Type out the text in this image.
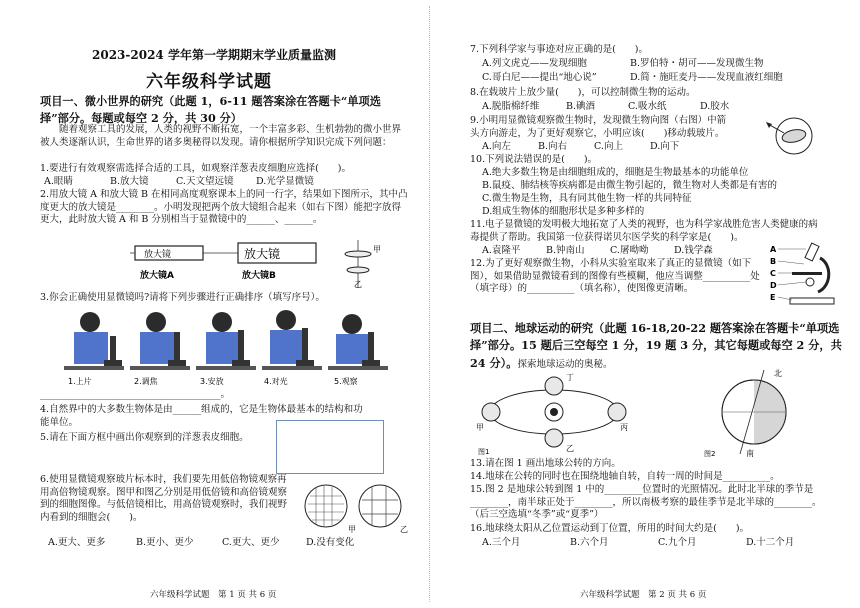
2023-2024 学年第一学期期末学业质量监测
六年级科学试题
项目一、微小世界的研究（此题 1，6-11 题答案涂在答题卡“单项选择”部分。每题或每空 2 分，共 30 分）
随着观察工具的发展，人类的视野不断拓宽，一个丰富多彩、生机勃勃的微小世界被人类逐渐认识，生命世界的诸多奥秘得以发现。请你根据所学知识完成下列问题：
1.要进行有效观察需选择合适的工具，如观察洋葱表皮细胞应选择(　　)。
A.眼睛	B.放大镜	C.天文望远镜 D.光学显微镜
2.用放大镜 A 和放大镜 B 在相同高度观察课本上的同一行字，结果如下图所示，其中凸度更大的放大镜是________。小明发现把两个放大镜组合起来（如右下图）能把字放得更大，此时放大镜 A 和 B 分别相当于显微镜中的______、______。
放大镜	放大镜
放大镜A	放大镜B
甲
乙
3.你会正确使用显微镜吗?请将下列步骤进行正确排序（填写序号）。
1.上片	2.调焦	3.安放	4.对光	5.观察
______________________________________。
4.自然界中的大多数生物体是由______组成的，它是生物体最基本的结构和功能单位。
5.请在下面方框中画出你观察到的洋葱表皮细胞。
6.使用显微镜观察玻片标本时，我们要先用低倍物镜观察再用高倍物镜观察。图甲和图乙分别是用低倍镜和高倍镜观察到的细胞图像。与低倍镜相比，用高倍镜观察时，我们视野内看到的细胞会(　　)。
甲	乙
A.更大、更多	B.更小、更少	C.更大、更少	D.没有变化
六年级科学试题　第 1 页 共 6 页
7.下列科学家与事迹对应正确的是(　　)。
A.列文虎克——发现细胞	B.罗伯特・胡可——发现微生物
C.哥白尼——提出“地心说”	D.简・施旺麦丹——发现血液红细胞
8.在载玻片上放少量(　　)，可以控制微生物的运动。
A.脱脂棉纤维	B.碘酒	C.吸水纸	D.胶水
9.小明用显微镜观察微生物时，发现微生物向图（右图）中箭
头方向游走，为了更好观察它，小明应该(　　)移动载玻片。
A.向左	B.向右	C.向上	D.向下
10.下列说法错误的是(　　)。
A.绝大多数生物是由细胞组成的，细胞是生物最基本的功能单位
B.鼠疫、肺结核等疾病都是由微生物引起的，微生物对人类都是有害的
C.微生物是生物，具有同其他生物一样的共同特征
D.组成生物体的细胞形状是多种多样的
11.电子显微镜的发明极大地拓宽了人类的视野，也为科学家战胜危害人类健康的病毒提供了帮助。我国第一位获得诺贝尔医学奖的科学家是(　　)。
A.袁隆平	B.钟南山	C.屠呦呦	D.钱学森
12.为了更好观察微生物，小科从实验室取来了真正的显微镜（如下图），如果借助显微镜看到的图像有些模糊，他应当调整__________处（填字母）的__________（填名称），使图像更清晰。
A
B
C
D
E
项目二、地球运动的研究（此题 16-18,20-22 题答案涂在答题卡“单项选择”部分。15 题后三空每空 1 分，19 题 3 分，其它每题或每空 2 分，共 24 分）。探索地球运动的奥秘。
丁
甲	丙
乙
图1
北
南
图2
13.请在图 1 画出地球公转的方向。
14.地球在公转的同时也在围绕地轴自转，自转一周的时间是__________。
15.图 2 是地球公转到图 1 中的________位置时的光照情况。此时北半球的季节是________，南半球正处于________，所以南极考察的最佳季节是北半球的________。（后三空选填“冬季”或“夏季”）
16.地球绕太阳从乙位置运动到丁位置，所用的时间大约是(　　)。
A.三个月	B.六个月	C.九个月	D.十二个月
六年级科学试题　第 2 页 共 6 页
